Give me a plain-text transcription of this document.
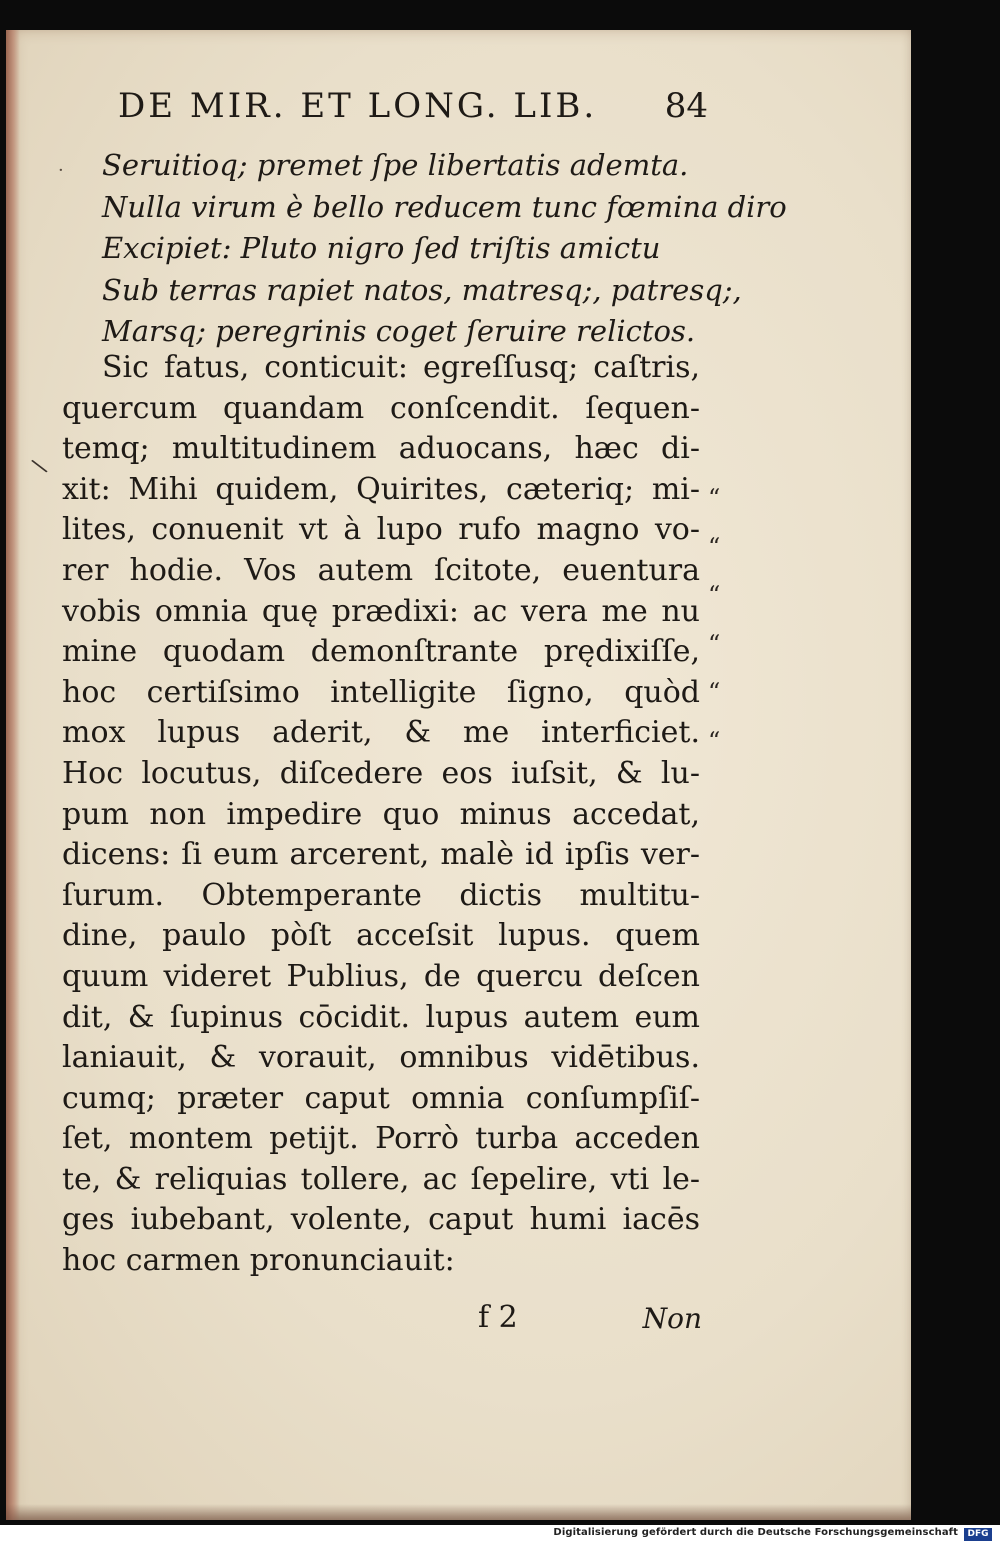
DE MIR. ET LONG. LIB. 84
· Seruitioq; premet ſpe libertatis ademta.
Nulla virum è bello reducem tunc fœmina diro
Excipiet: Pluto nigro ſed triſtis amictu
Sub terras rapiet natos, matresq;, patresq;,
Marsq; peregrinis coget ſeruire relictos.
\
Sic fatus, conticuit: egreſſusq; caſtris,
quercum quandam conſcendit. ſequen-
temq; multitudinem aduocans, hæc di-
xit: Mihi quidem, Quirites, cæteriq; mi-
lites, conuenit vt à lupo rufo magno vo-
rer hodie. Vos autem ſcitote, euentura
vobis omnia quę prædixi: ac vera me nu
mine quodam demonſtrante prędixiſſe,
hoc certiſsimo intelligite ſigno, quòd
mox lupus aderit, & me interficiet.
Hoc locutus, diſcedere eos iuſsit, & lu-
pum non impedire quo minus accedat,
dicens: ſi eum arcerent, malè id ipſis ver-
ſurum. Obtemperante dictis multitu-
dine, paulo pòſt acceſsit lupus. quem
quum videret Publius, de quercu deſcen
dit, & ſupinus cōcidit. lupus autem eum
laniauit, & vorauit, omnibus vidētibus.
cumq; præter caput omnia conſumpſiſ-
ſet, montem petijt. Porrò turba acceden
te, & reliquias tollere, ac ſepelire, vti le-
ges iubebant, volente, caput humi iacēs
hoc carmen pronunciauit:
“
“
“
“
“
“
f 2	Non
Digitalisierung gefördert durch die Deutsche Forschungsgemeinschaft	DFG
